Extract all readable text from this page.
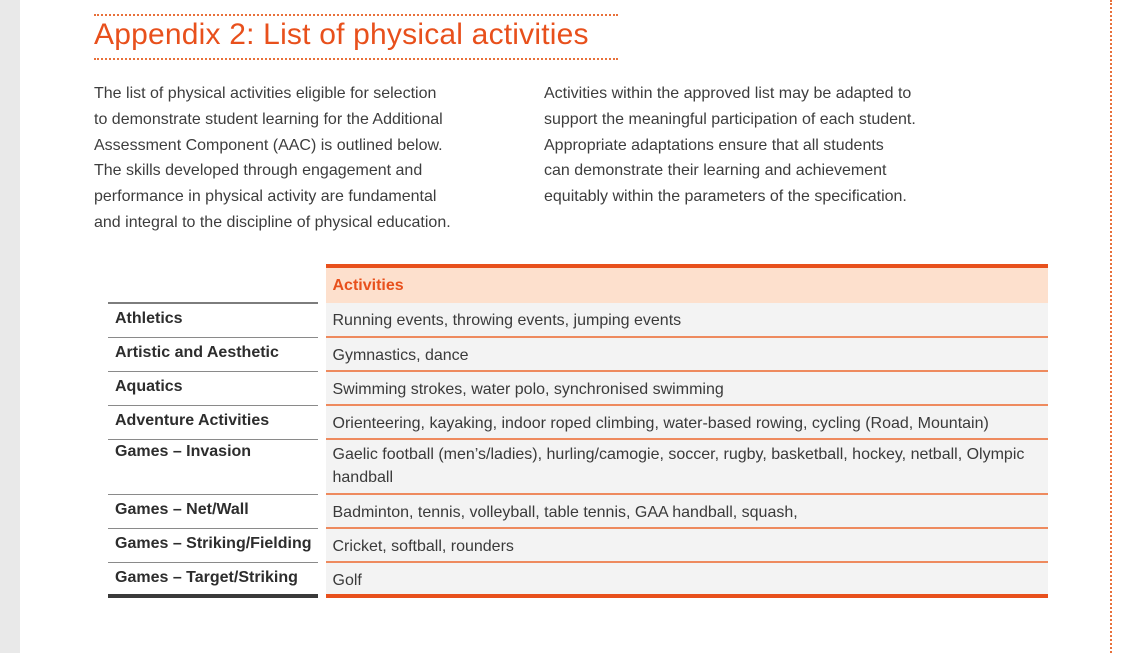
Appendix 2: List of physical activities
The list of physical activities eligible for selection
to demonstrate student learning for the Additional
Assessment Component (AAC) is outlined below.
The skills developed through engagement and
performance in physical activity are fundamental
and integral to the discipline of physical education.
Activities within the approved list may be adapted to
support the meaningful participation of each student.
Appropriate adaptations ensure that all students
can demonstrate their learning and achievement
equitably within the parameters of the specification.
		Activities
Athletics		Running events, throwing events, jumping events
Artistic and Aesthetic		Gymnastics, dance
Aquatics		Swimming strokes, water polo, synchronised swimming
Adventure Activities		Orienteering, kayaking, indoor roped climbing, water-based rowing, cycling (Road, Mountain)
Games – Invasion		Gaelic football (men’s/ladies), hurling/camogie, soccer, rugby, basketball, hockey, netball, Olympic handball
Games – Net/Wall		Badminton, tennis, volleyball, table tennis, GAA handball, squash,
Games – Striking/Fielding		Cricket, softball, rounders
Games – Target/Striking		Golf
